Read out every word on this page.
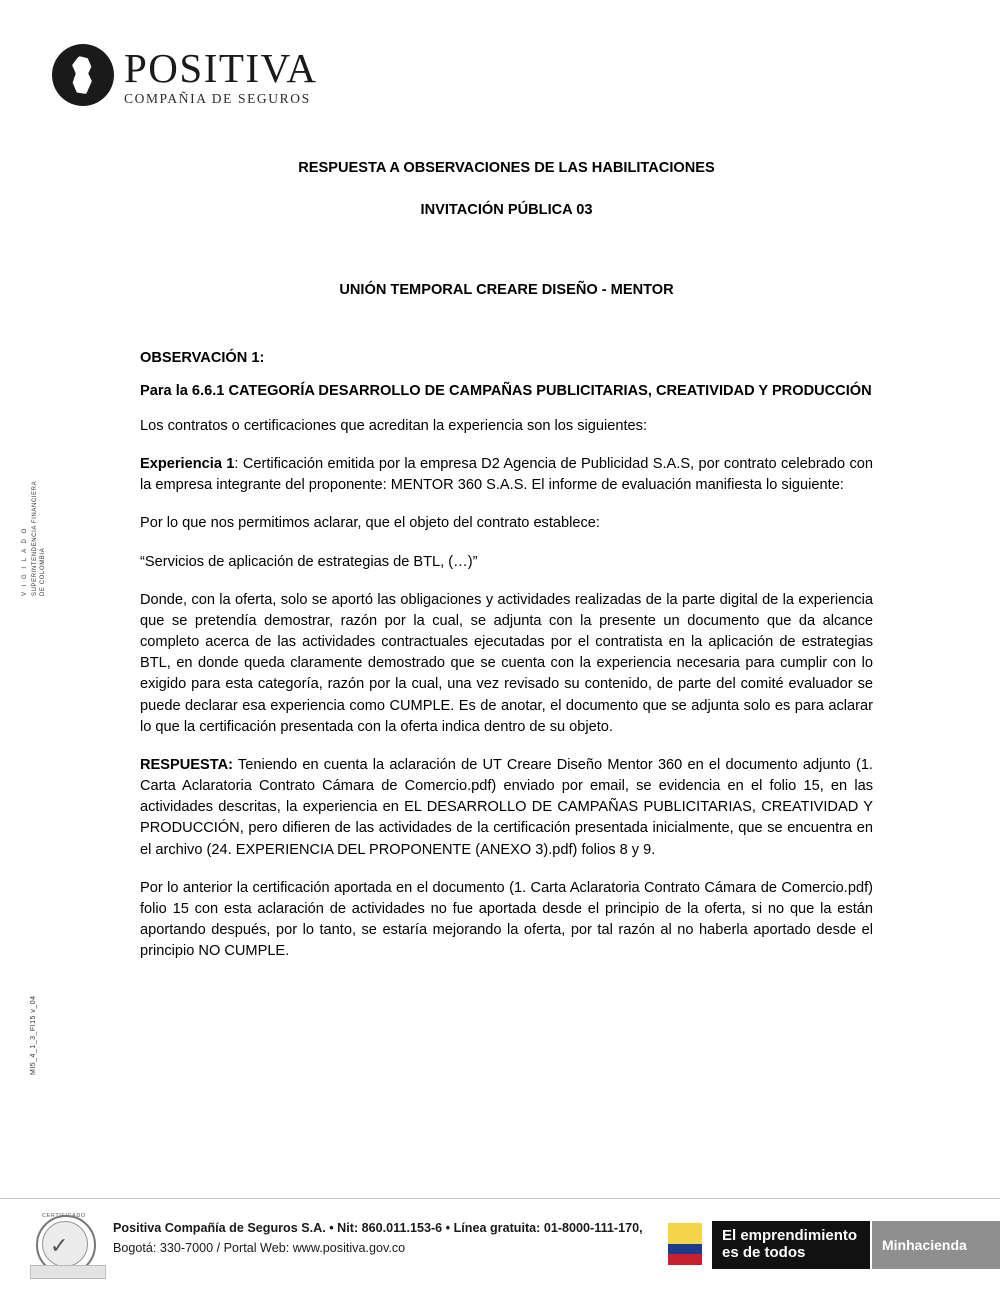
POSITIVA
COMPAÑIA DE SEGUROS
V I G I L A D O SUPERINTENDENCIA FINANCIERA DE COLOMBIA
MI5_4_1_3_FI15 v_04

RESPUESTA A OBSERVACIONES DE LAS HABILITACIONES

INVITACIÓN PÚBLICA 03

UNIÓN TEMPORAL CREARE DISEÑO - MENTOR

OBSERVACIÓN 1:

Para la 6.6.1 CATEGORÍA DESARROLLO DE CAMPAÑAS PUBLICITARIAS, CREATIVIDAD Y PRODUCCIÓN

Los contratos o certificaciones que acreditan la experiencia son los siguientes:

Experiencia 1: Certificación emitida por la empresa D2 Agencia de Publicidad S.A.S, por contrato celebrado con la empresa integrante del proponente: MENTOR 360 S.A.S. El informe de evaluación manifiesta lo siguiente:

Por lo que nos permitimos aclarar, que el objeto del contrato establece:

“Servicios de aplicación de estrategias de BTL, (…)”

Donde, con la oferta, solo se aportó las obligaciones y actividades realizadas de la parte digital de la experiencia que se pretendía demostrar, razón por la cual, se adjunta con la presente un documento que da alcance completo acerca de las actividades contractuales ejecutadas por el contratista en la aplicación de estrategias BTL, en donde queda claramente demostrado que se cuenta con la experiencia necesaria para cumplir con lo exigido para esta categoría, razón por la cual, una vez revisado su contenido, de parte del comité evaluador se puede declarar esa experiencia como CUMPLE. Es de anotar, el documento que se adjunta solo es para aclarar lo que la certificación presentada con la oferta indica dentro de su objeto.

RESPUESTA: Teniendo en cuenta la aclaración de UT Creare Diseño Mentor 360 en el documento adjunto (1. Carta Aclaratoria Contrato Cámara de Comercio.pdf) enviado por email, se evidencia en el folio 15, en las actividades descritas, la experiencia en EL DESARROLLO DE CAMPAÑAS PUBLICITARIAS, CREATIVIDAD Y PRODUCCIÓN, pero difieren de las actividades de la certificación presentada inicialmente, que se encuentra en el archivo (24. EXPERIENCIA DEL PROPONENTE (ANEXO 3).pdf) folios 8 y 9.

Por lo anterior la certificación aportada en el documento (1. Carta Aclaratoria Contrato Cámara de Comercio.pdf) folio 15 con esta aclaración de actividades no fue aportada desde el principio de la oferta, si no que la están aportando después, por lo tanto, se estaría mejorando la oferta, por tal razón al no haberla aportado desde el principio NO CUMPLE.

CERTIFICADO
✓
Positiva Compañía de Seguros S.A. • Nit: 860.011.153-6 • Línea gratuita: 01-8000-111-170,
Bogotá: 330-7000 / Portal Web: www.positiva.gov.co
El emprendimiento
es de todos	Minhacienda
